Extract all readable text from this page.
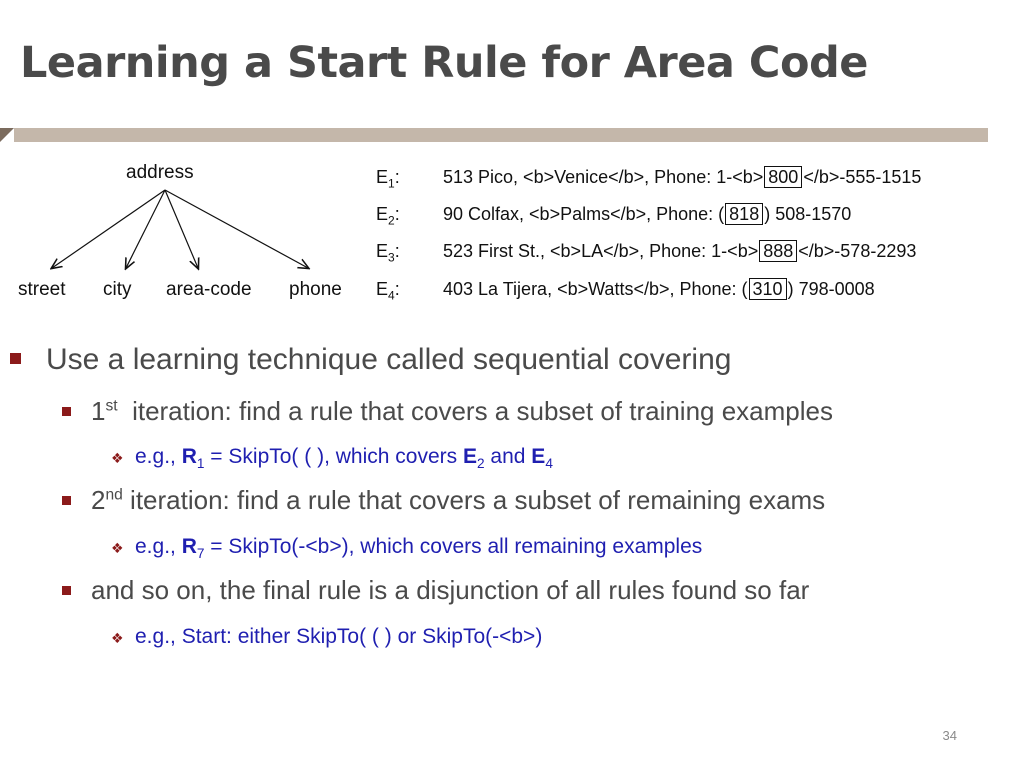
Learning a Start Rule for Area Code
address
street city area-code phone
$E_1$: 513 Pico, <b>Venice</b>, Phone: 1-<b> 800 </b>-555-1515
$E_2$: 90 Colfax, <b>Palms</b>, Phone: ( 818 ) 508-1570
$E_3$: 523 First St., <b>LA</b>, Phone: 1-<b> 888 </b>-578-2293
$E_4$: 403 La Tijera, <b>Watts</b>, Phone: ( 310 ) 798-0008
Use a learning technique called sequential covering
1st iteration: find a rule that covers a subset of training examples
❖ e.g., $R_1$ = SkipTo( ( ), which covers $E_2$ and $E_4$
2nd iteration: find a rule that covers a subset of remaining exams
❖ e.g., $R_7$ = SkipTo(-<b>), which covers all remaining examples
and so on, the final rule is a disjunction of all rules found so far
❖ e.g., Start: either SkipTo( ( ) or SkipTo(-<b>)
34
